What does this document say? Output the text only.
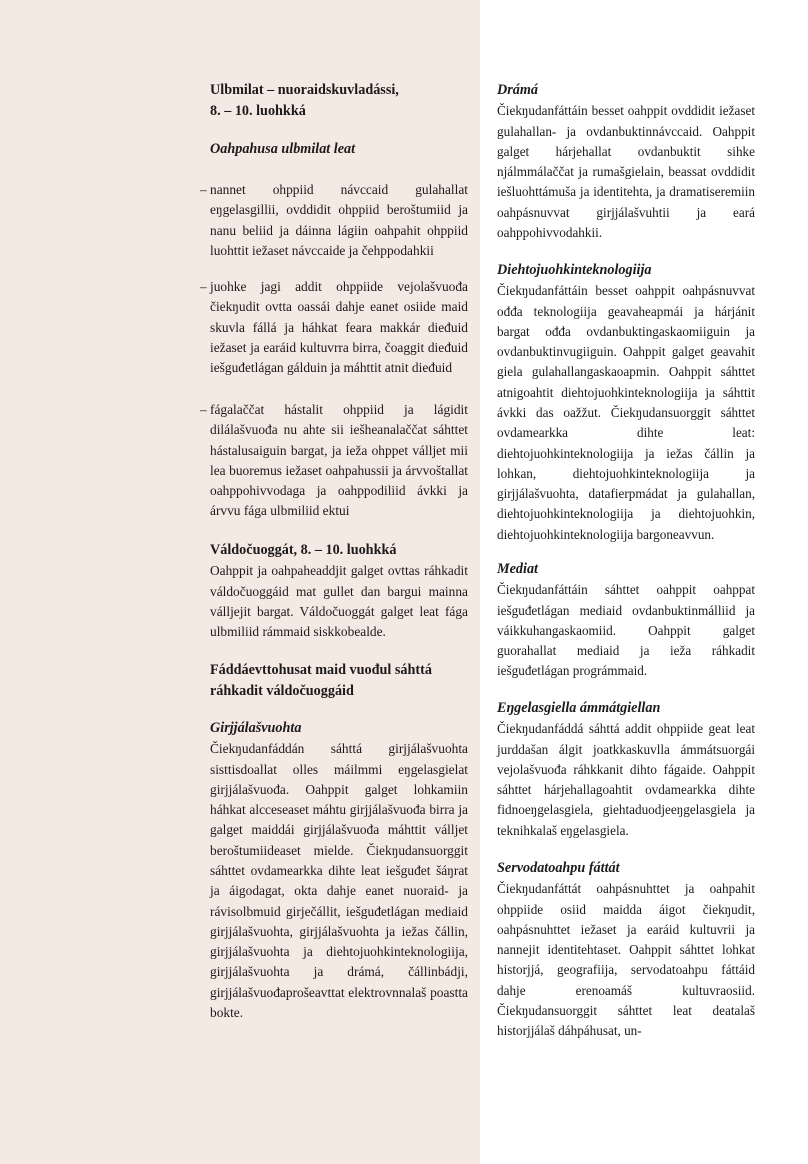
Ulbmilat – nuoraidskuvladássi,

8. – 10. luohkká

Oahpahusa ulbmilat leat

– nannet ohppiid návccaid gulahallat eŋgelasgillii, ovddidit ohppiid beroštumiid ja nanu beliid ja dáinna lágiin oahpahit ohppiid luohttit iežaset návccaide ja čehppodahkii

– juohke jagi addit ohppiide vejolašvuođa čiekŋudit ovtta oassái dahje eanet osiide maid skuvla fállá ja háhkat feara makkár dieđuid iežaset ja earáid kultuvrra birra, čoaggit dieđuid iešguđetlágan gálduin ja máhttit atnit dieđuid

– fágalaččat hástalit ohppiid ja lágidit dilálašvuođa nu ahte sii iešheanalaččat sáhttet hástalusaiguin bargat, ja ieža ohppet válljet mii lea buoremus iežaset oahpahussii ja árvvoštallat oahppohivvodaga ja oahppodiliid ávkki ja árvvu fága ulbmiliid ektui

Váldočuoggát, 8. – 10. luohkká

Oahppit ja oahpaheaddjit galget ovttas ráhkadit váldočuoggáid mat gullet dan bargui mainna válljejit bargat. Váldočuoggát galget leat fága ulbmiliid rámmaid siskkobealde.

Fáddáevttohusat maid vuođul sáhttá ráhkadit váldočuoggáid

Girjjálašvuohta

Čiekŋudanfáddán sáhttá girjjálašvuohta sisttisdoallat olles máilmmi eŋgelasgielat girjjálašvuođa. Oahppit galget lohkamiin háhkat alcceseaset máhtu girjjálašvuođa birra ja galget maiddái girjjálašvuođa máhttit válljet beroštumiideaset mielde. Čiekŋudansuorggit sáhttet ovdamearkka dihte leat iešguđet šáŋrat ja áigodagat, okta dahje eanet nuoraid- ja rávisolbmuid girječállit, iešguđetlágan mediaid girjjálašvuohta, girjjálašvuohta ja iežas čállin, girjjálašvuohta ja diehtojuohkinteknologiija, girjjálašvuohta ja drámá, čállinbádji, girjjálašvuođaprošeavttat elektrovnnalaš poastta bokte.

Drámá

Čiekŋudanfáttáin besset oahppit ovddidit iežaset gulahallan- ja ovdanbuktinnávccaid. Oahppit galget hárjehallat ovdanbuktit sihke njálmmálaččat ja rumašgielain, beassat ovddidit iešluohttámuša ja identitehta, ja dramatiseremiin oahpásnuvvat girjjálašvuhtii ja eará oahppohivvodahkii.

Diehtojuohkinteknologiija

Čiekŋudanfáttáin besset oahppit oahpásnuvvat ođđa teknologiija geavaheapmái ja hárjánit bargat ođđa ovdanbuktingaskaomiiguin ja ovdanbuktinvugiiguin. Oahppit galget geavahit giela gulahallangaskaoapmin. Oahppit sáhttet atnigoahtit diehtojuohkinteknologiija ja sáhttit ávkki das oažžut. Čiekŋudansuorggit sáhttet ovdamearkka dihte leat: diehtojuohkinteknologiija ja iežas čállin ja lohkan, diehtojuohkinteknologiija ja girjjálašvuohta, datafierpmádat ja gulahallan, diehtojuohkinteknologiija ja diehtojuohkin, diehtojuohkinteknologiija bargoneavvun.

Mediat

Čiekŋudanfáttáin sáhttet oahppit oahppat iešguđetlágan mediaid ovdanbuktinmálliid ja váikkuhangaskaomiid. Oahppit galget guorahallat mediaid ja ieža ráhkadit iešguđetlágan prográmmaid.

Eŋgelasgiella ámmátgiellan

Čiekŋudanfáddá sáhttá addit ohppiide geat leat jurddašan álgit joatkkaskuvlla ámmátsuorgái vejolašvuođa ráhkkanit dihto fágaide. Oahppit sáhttet hárjehallagoahtit ovdamearkka dihte fidnoeŋgelasgiela, giehtaduodjeeŋgelasgiela ja teknihkalaš eŋgelasgiela.

Servodatoahpu fáttát

Čiekŋudanfáttát oahpásnuhttet ja oahpahit ohppiide osiid maidda áigot čiekŋudit, oahpásnuhttet iežaset ja earáid kultuvrii ja nannejit identitehtaset. Oahppit sáhttet lohkat historjjá, geografiija, servodatoahpu fáttáid dahje erenoamáš kultuvraosiid. Čiekŋudansuorggit sáhttet leat deatalaš historjjálaš dáhpáhusat, un-
